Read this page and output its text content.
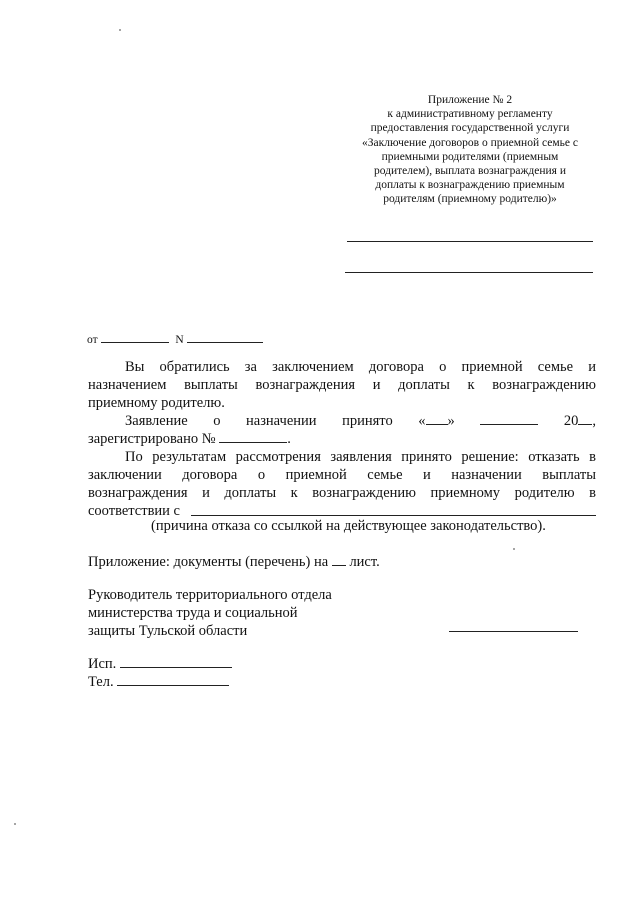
Приложение № 2
к административному регламенту
предоставления государственной услуги
«Заключение договоров о приемной семье с
приемными родителями (приемным
родителем), выплата вознаграждения и
доплаты к вознаграждению приемным
родителям (приемному родителю)»
от	N
Вы обратились за заключением договора о приемной семье и
назначением выплаты вознаграждения и доплаты к вознаграждению
приемному родителю.
Заявление о назначении принято « »	20 ,
зарегистрировано №	.
По результатам рассмотрения заявления принято решение: отказать в
заключении договора о приемной семье и назначении выплаты
вознаграждения и доплаты к вознаграждению приемному родителю в
соответствии с
(причина отказа со ссылкой на действующее законодательство).
Приложение: документы (перечень) на лист.
Руководитель территориального отдела
министерства труда и социальной
защиты Тульской области
Исп.
Тел.
